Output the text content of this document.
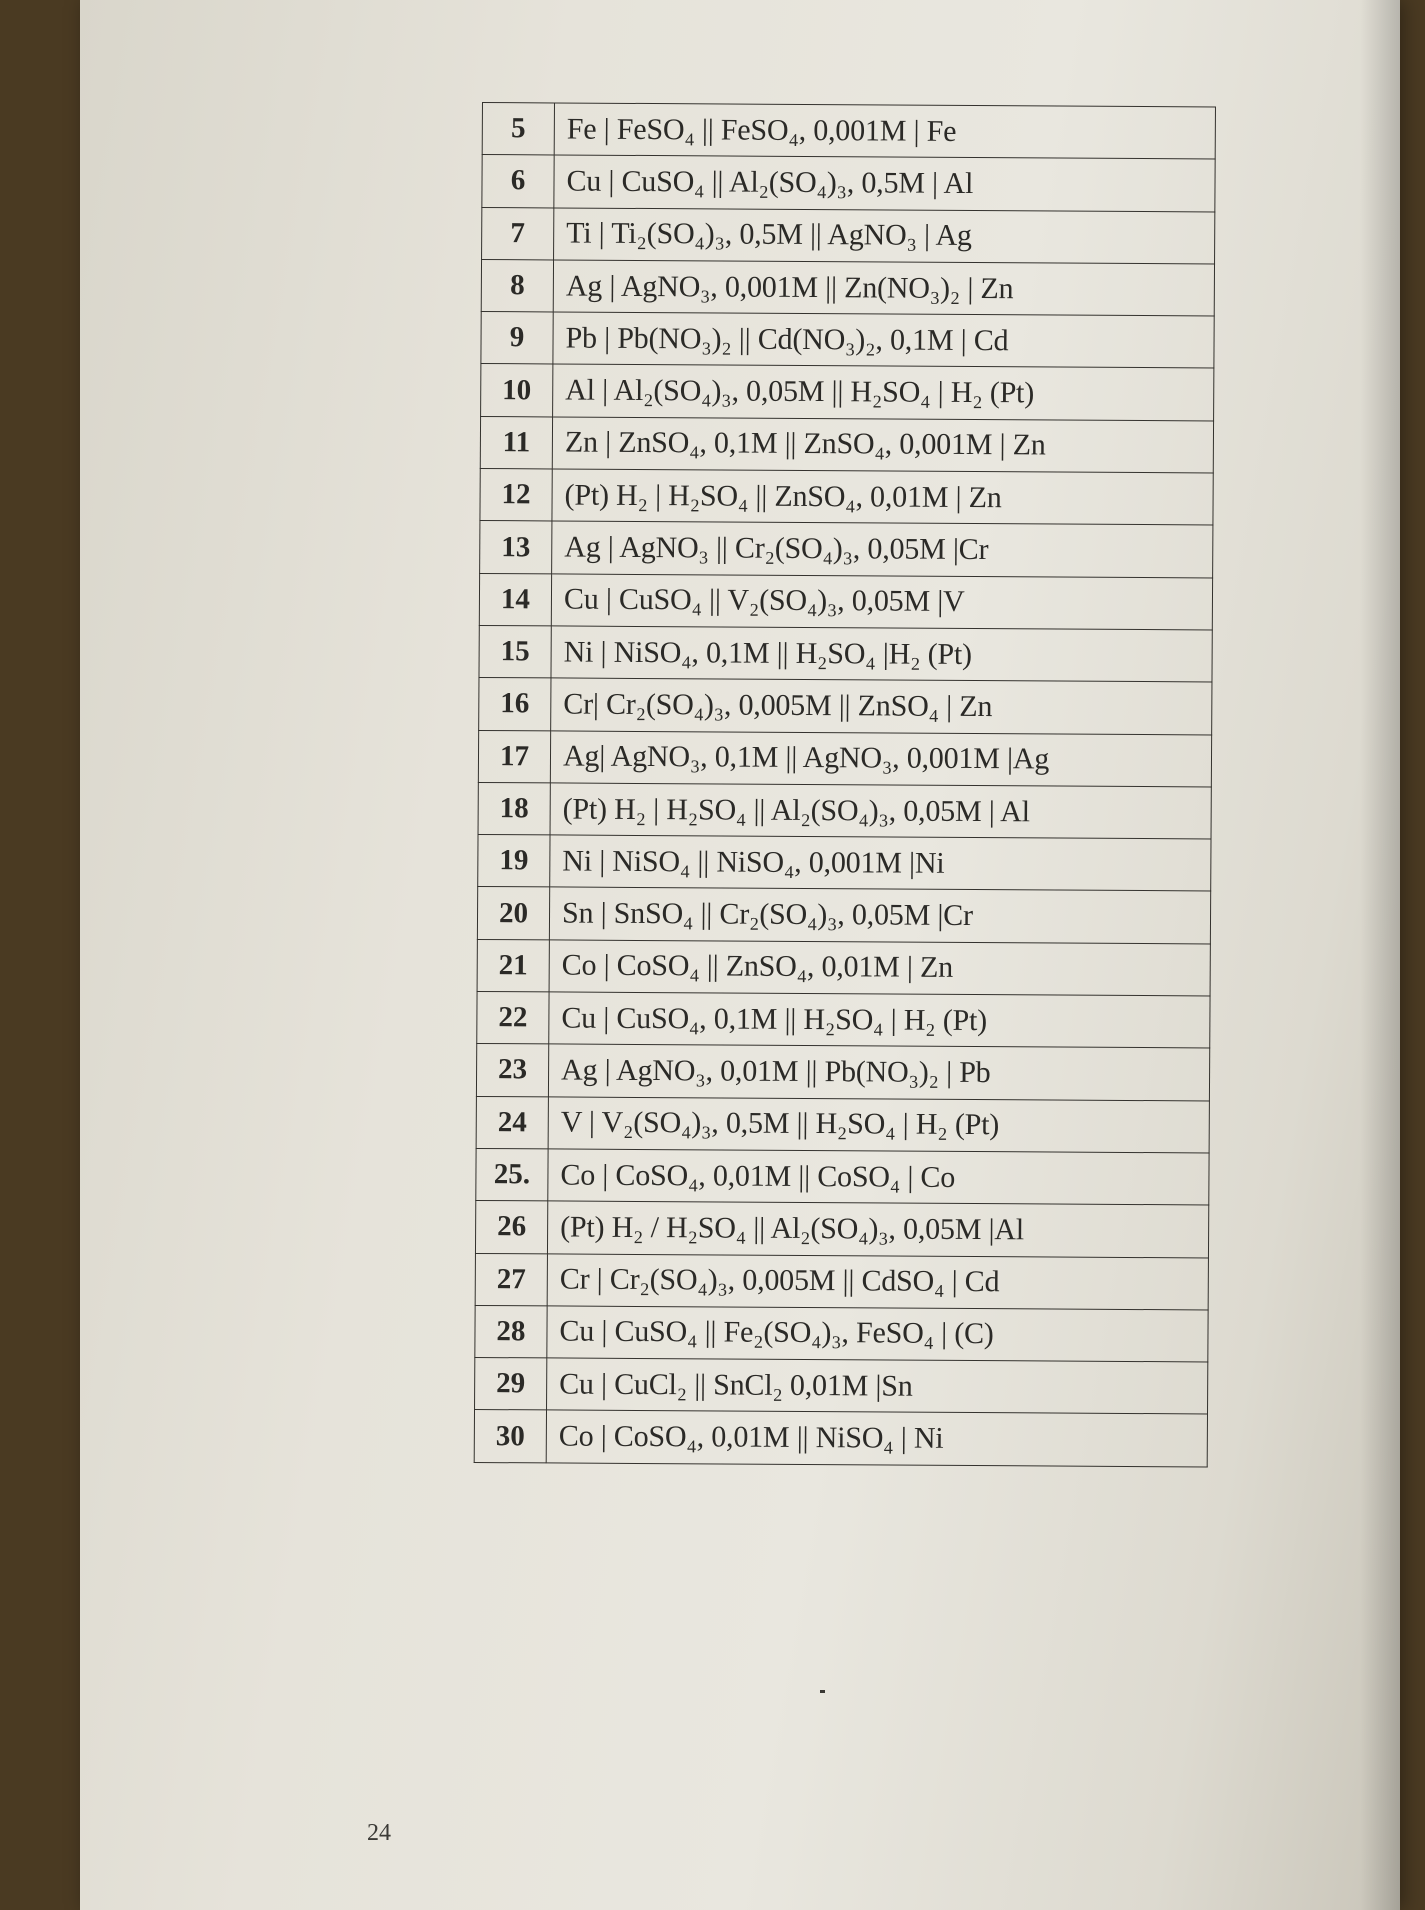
5	Fe | FeSO₄ || FeSO₄, 0,001M | Fe
6	Cu | CuSO₄ || Al₂(SO₄)₃, 0,5M | Al
7	Ti | Ti₂(SO₄)₃, 0,5M || AgNO₃ | Ag
8	Ag | AgNO₃, 0,001M || Zn(NO₃)₂ | Zn
9	Pb | Pb(NO₃)₂ || Cd(NO₃)₂, 0,1M | Cd
10	Al | Al₂(SO₄)₃, 0,05M || H₂SO₄ | H₂ (Pt)
11	Zn | ZnSO₄, 0,1M || ZnSO₄, 0,001M | Zn
12	(Pt) H₂ | H₂SO₄ || ZnSO₄, 0,01M | Zn
13	Ag | AgNO₃ || Cr₂(SO₄)₃, 0,05M |Cr
14	Cu | CuSO₄ || V₂(SO₄)₃, 0,05M |V
15	Ni | NiSO₄, 0,1M || H₂SO₄ |H₂ (Pt)
16	Cr| Cr₂(SO₄)₃, 0,005M || ZnSO₄ | Zn
17	Ag| AgNO₃, 0,1M || AgNO₃, 0,001M |Ag
18	(Pt) H₂ | H₂SO₄ || Al₂(SO₄)₃, 0,05M | Al
19	Ni | NiSO₄ || NiSO₄, 0,001M |Ni
20	Sn | SnSO₄ || Cr₂(SO₄)₃, 0,05M |Cr
21	Co | CoSO₄ || ZnSO₄, 0,01M | Zn
22	Cu | CuSO₄, 0,1M || H₂SO₄ | H₂ (Pt)
23	Ag | AgNO₃, 0,01M || Pb(NO₃)₂ | Pb
24	V | V₂(SO₄)₃, 0,5M || H₂SO₄ | H₂ (Pt)
25.	Co | CoSO₄, 0,01M || CoSO₄ | Co
26	(Pt) H₂ / H₂SO₄ || Al₂(SO₄)₃, 0,05M |Al
27	Cr | Cr₂(SO₄)₃, 0,005M || CdSO₄ | Cd
28	Cu | CuSO₄ || Fe₂(SO₄)₃, FeSO₄ | (C)
29	Cu | CuCl₂ || SnCl₂ 0,01M |Sn
30	Co | CoSO₄, 0,01M || NiSO₄ | Ni
24
